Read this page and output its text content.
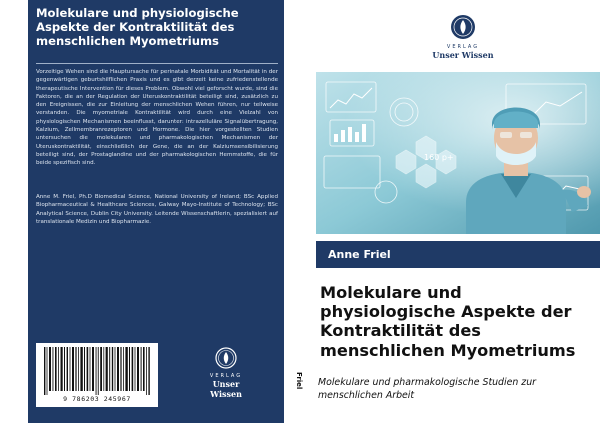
Molekulare und physiologische Aspekte der Kontraktilität des menschlichen Myometriums
Vorzeitige Wehen sind die Hauptursache für perinatale Morbidität und Mortalität in der gegenwärtigen geburtshilflichen Praxis und es gibt derzeit keine zufriedenstellende therapeutische Intervention für dieses Problem. Obwohl viel geforscht wurde, sind die Faktoren, die an der Regulation der Uteruskontraktilität beteiligt sind, zusätzlich zu den Ereignissen, die zur Einleitung der menschlichen Wehen führen, nur teilweise verstanden. Die myometriale Kontraktilität wird durch eine Vielzahl von physiologischen Mechanismen beeinflusst, darunter: intrazelluläre Signalübertragung, Kalzium, Zellmembranrezeptoren und Hormone. Die hier vorgestellten Studien untersuchen die molekularen und pharmakologischen Mechanismen der Uteruskontraktilität, einschließlich der Gene, die an der Kalziumsensibilisierung beteiligt sind, der Prostaglandine und der pharmakologischen Hemmstoffe, die für beide spezifisch sind.
Anne M. Friel, Ph.D Biomedical Science, National University of Ireland; BSc Applied Biopharmaceutical & Healthcare Sciences, Galway Mayo-Institute of Technology; BSc Analytical Science, Dublin City University. Leitende Wissenschaftlerin, spezialisiert auf translationale Medizin und Biopharmazie.
9 786203 245967
VERLAG
Unser Wissen
Friel
VERLAG
Unser Wissen
160 p+
Anne Friel
Molekulare und physiologische Aspekte der Kontraktilität des menschlichen Myometriums
Molekulare und pharmakologische Studien zur menschlichen Arbeit
